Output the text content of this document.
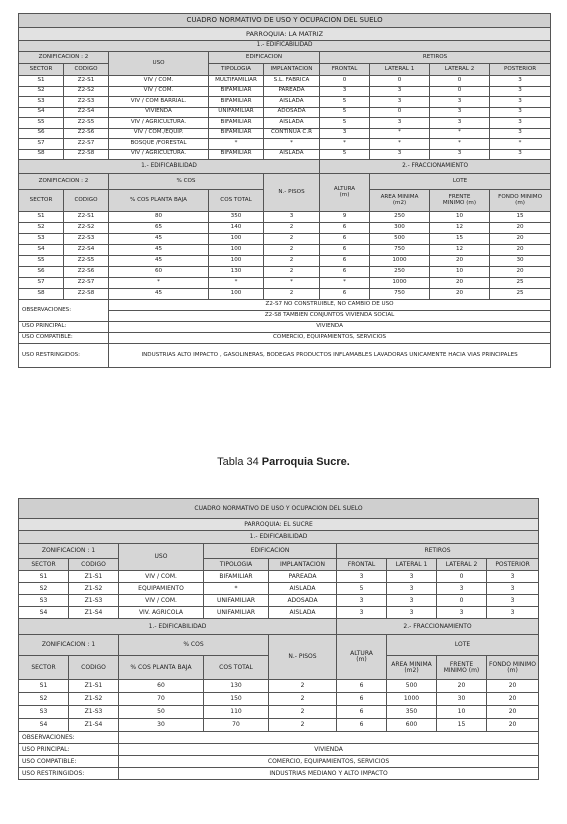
CUADRO NORMATIVO DE USO Y OCUPACION DEL SUELO								
PARROQUIA: LA MATRIZ								
1.- EDIFICABILIDAD								
ZONIFICACION : 2		USO	EDIFICACION		RETIROS			
SECTOR	CODIGO		TIPOLOGIA	IMPLANTACION	FRONTAL	LATERAL 1	LATERAL 2	POSTERIOR
S1	Z2-S1	VIV / COM.	MULTIFAMILIAR	S.L. FABRICA	0	0	0	3
S2	Z2-S2	VIV / COM.	BIFAMILIAR	PAREADA	3	3	0	3
S3	Z2-S3	VIV / COM BARRIAL.	BIFAMILIAR	AISLADA	5	3	3	3
S4	Z2-S4	VIVIENDA	UNIFAMILIAR	ADOSADA	5	0	3	3
S5	Z2-S5	VIV / AGRICULTURA.	BIFAMILIAR	AISLADA	5	3	3	3
S6	Z2-S6	VIV / COM./EQUIP.	BIFAMILIAR	CONTINUA C.R	3	*	*	3
S7	Z2-S7	BOSQUE /FORESTAL	*	*	*	*	*	*
S8	Z2-S8	VIV / AGRICULTURA.	BIFAMILIAR	AISLADA	5	3	3	3
1.- EDIFICABILIDAD					2.- FRACCIONAMIENTO			
ZONIFICACION : 2		% COS		N.- PISOS	ALTURA
(m)	LOTE		
SECTOR	CODIGO	% COS PLANTA BAJA	COS TOTAL			AREA MINIMA
(m2)	FRENTE
MINIMO (m)	FONDO MINIMO
(m)
S1	Z2-S1	80	350	3	9	250	10	15
S2	Z2-S2	65	140	2	6	300	12	20
S3	Z2-S3	45	100	2	6	500	15	20
S4	Z2-S4	45	100	2	6	750	12	20
S5	Z2-S5	45	100	2	6	1000	20	30
S6	Z2-S6	60	130	2	6	250	10	20
S7	Z2-S7	*	*	*	*	1000	20	25
S8	Z2-S8	45	100	2	6	750	20	25
OBSERVACIONES:		Z2-S7 NO CONSTRUIBLE, NO CAMBIO DE USO						
		Z2-S8 TAMBIEN CONJUNTOS VIVIENDA SOCIAL						
USO PRINCIPAL:		VIVIENDA						
USO COMPATIBLE:		COMERCIO, EQUIPAMIENTOS, SERVICIOS						
USO RESTRINGIDOS:		INDUSTRIAS ALTO IMPACTO , GASOLINERAS, BODEGAS PRODUCTOS INFLAMABLES LAVADORAS UNICAMENTE HACIA VIAS PRINCIPALES						
Tabla 34 Parroquia Sucre.
CUADRO NORMATIVO DE USO Y OCUPACION DEL SUELO								
PARROQUIA: EL SUCRE								
1.- EDIFICABILIDAD								
ZONIFICACION : 1		USO	EDIFICACION		RETIROS			
SECTOR	CODIGO		TIPOLOGIA	IMPLANTACION	FRONTAL	LATERAL 1	LATERAL 2	POSTERIOR
S1	Z1-S1	VIV / COM.	BIFAMILIAR	PAREADA	3	3	0	3
S2	Z1-S2	EQUIPAMIENTO	*	AISLADA	5	3	3	3
S3	Z1-S3	VIV / COM.	UNIFAMILIAR	ADOSADA	3	3	0	3
S4	Z1-S4	VIV. AGRICOLA	UNIFAMILIAR	AISLADA	3	3	3	3
1.- EDIFICABILIDAD					2.- FRACCIONAMIENTO			
ZONIFICACION : 1		% COS		N.- PISOS	ALTURA
(m)	LOTE		
SECTOR	CODIGO	% COS PLANTA BAJA	COS TOTAL			AREA MINIMA
(m2)	FRENTE
MINIMO (m)	FONDO MINIMO
(m)
S1	Z1-S1	60	130	2	6	500	20	20
S2	Z1-S2	70	150	2	6	1000	30	20
S3	Z1-S3	50	110	2	6	350	10	20
S4	Z1-S4	30	70	2	6	600	15	20
OBSERVACIONES:								
USO PRINCIPAL:		VIVIENDA						
USO COMPATIBLE:		COMERCIO, EQUIPAMIENTOS, SERVICIOS						
USO RESTRINGIDOS:		INDUSTRIAS MEDIANO Y ALTO IMPACTO						
